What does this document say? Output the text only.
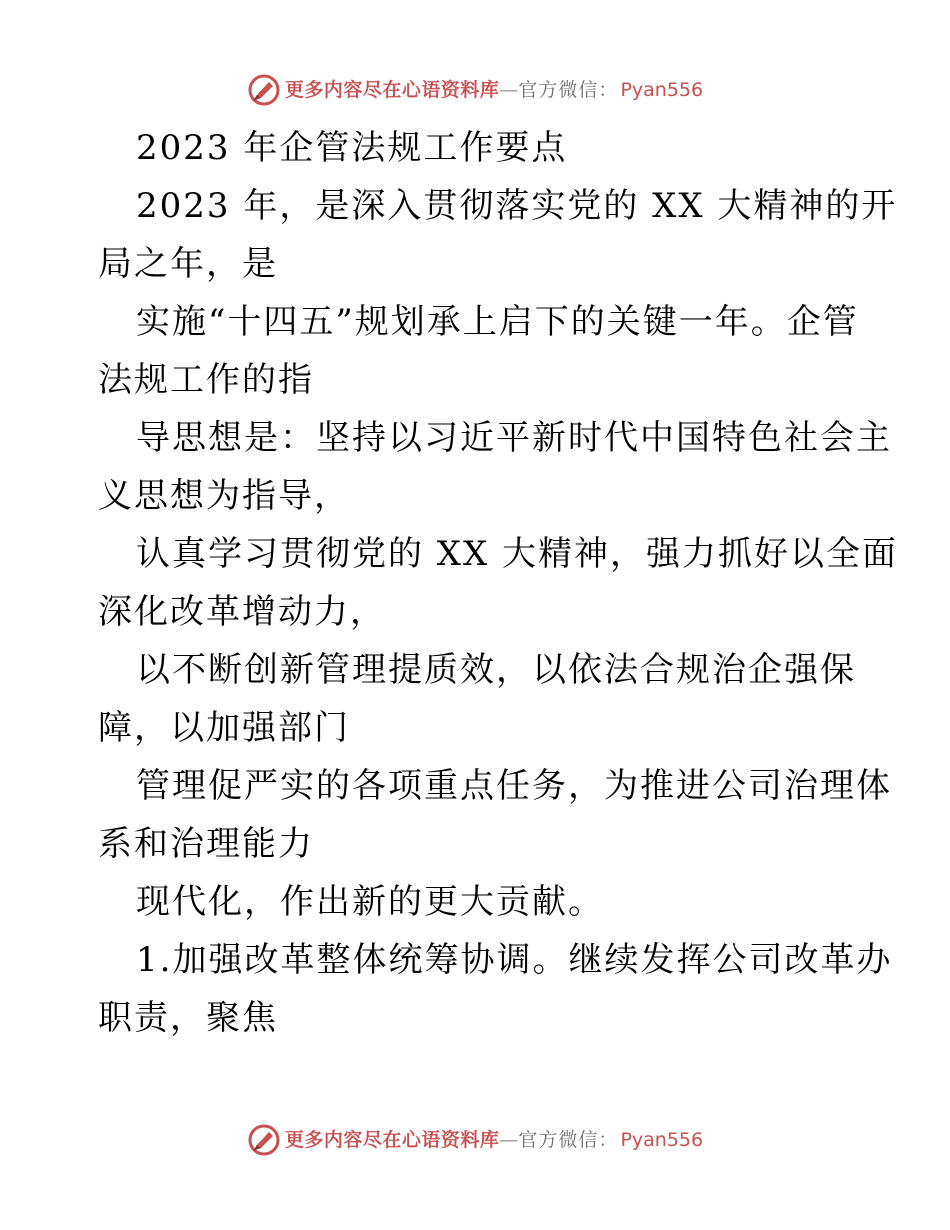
更多内容尽在心语资料库 — 官方微信： Pyan556
2023 年企管法规工作要点
2023 年，是深入贯彻落实党的 XX 大精神的开
局之年，是
实施“十四五”规划承上启下的关键一年。企管
法规工作的指
导思想是：坚持以习近平新时代中国特色社会主
义思想为指导，
认真学习贯彻党的 XX 大精神，强力抓好以全面
深化改革增动力，
以不断创新管理提质效，以依法合规治企强保
障，以加强部门
管理促严实的各项重点任务，为推进公司治理体
系和治理能力
现代化，作出新的更大贡献。
1.加强改革整体统筹协调。继续发挥公司改革办
职责，聚焦
更多内容尽在心语资料库 — 官方微信： Pyan556
